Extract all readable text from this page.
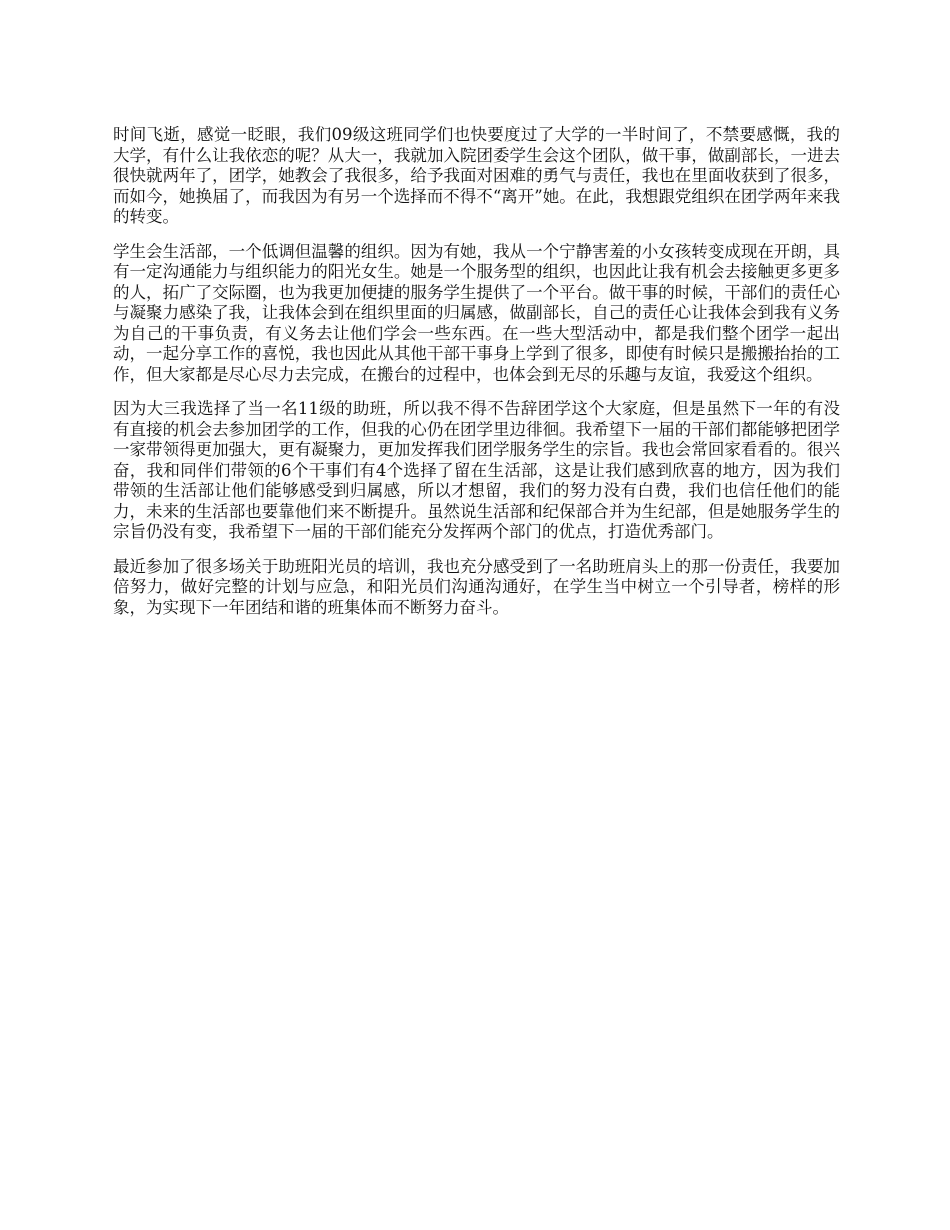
时间飞逝，感觉一眨眼，我们09级这班同学们也快要度过了大学的一半时间了，不禁要感慨，我的大学，有什么让我依恋的呢？从大一，我就加入院团委学生会这个团队，做干事，做副部长，一进去很快就两年了，团学，她教会了我很多，给予我面对困难的勇气与责任，我也在里面收获到了很多，而如今，她换届了，而我因为有另一个选择而不得不“离开”她。在此，我想跟党组织在团学两年来我的转变。

学生会生活部，一个低调但温馨的组织。因为有她，我从一个宁静害羞的小女孩转变成现在开朗，具有一定沟通能力与组织能力的阳光女生。她是一个服务型的组织，也因此让我有机会去接触更多更多的人，拓广了交际圈，也为我更加便捷的服务学生提供了一个平台。做干事的时候，干部们的责任心与凝聚力感染了我，让我体会到在组织里面的归属感，做副部长，自己的责任心让我体会到我有义务为自己的干事负责，有义务去让他们学会一些东西。在一些大型活动中，都是我们整个团学一起出动，一起分享工作的喜悦，我也因此从其他干部干事身上学到了很多，即使有时候只是搬搬抬抬的工作，但大家都是尽心尽力去完成，在搬台的过程中，也体会到无尽的乐趣与友谊，我爱这个组织。

因为大三我选择了当一名11级的助班，所以我不得不告辞团学这个大家庭，但是虽然下一年的有没有直接的机会去参加团学的工作，但我的心仍在团学里边徘徊。我希望下一届的干部们都能够把团学一家带领得更加强大，更有凝聚力，更加发挥我们团学服务学生的宗旨。我也会常回家看看的。很兴奋，我和同伴们带领的6个干事们有4个选择了留在生活部，这是让我们感到欣喜的地方，因为我们带领的生活部让他们能够感受到归属感，所以才想留，我们的努力没有白费，我们也信任他们的能力，未来的生活部也要靠他们来不断提升。虽然说生活部和纪保部合并为生纪部，但是她服务学生的宗旨仍没有变，我希望下一届的干部们能充分发挥两个部门的优点，打造优秀部门。

最近参加了很多场关于助班阳光员的培训，我也充分感受到了一名助班肩头上的那一份责任，我要加倍努力，做好完整的计划与应急，和阳光员们沟通沟通好，在学生当中树立一个引导者，榜样的形象，为实现下一年团结和谐的班集体而不断努力奋斗。
